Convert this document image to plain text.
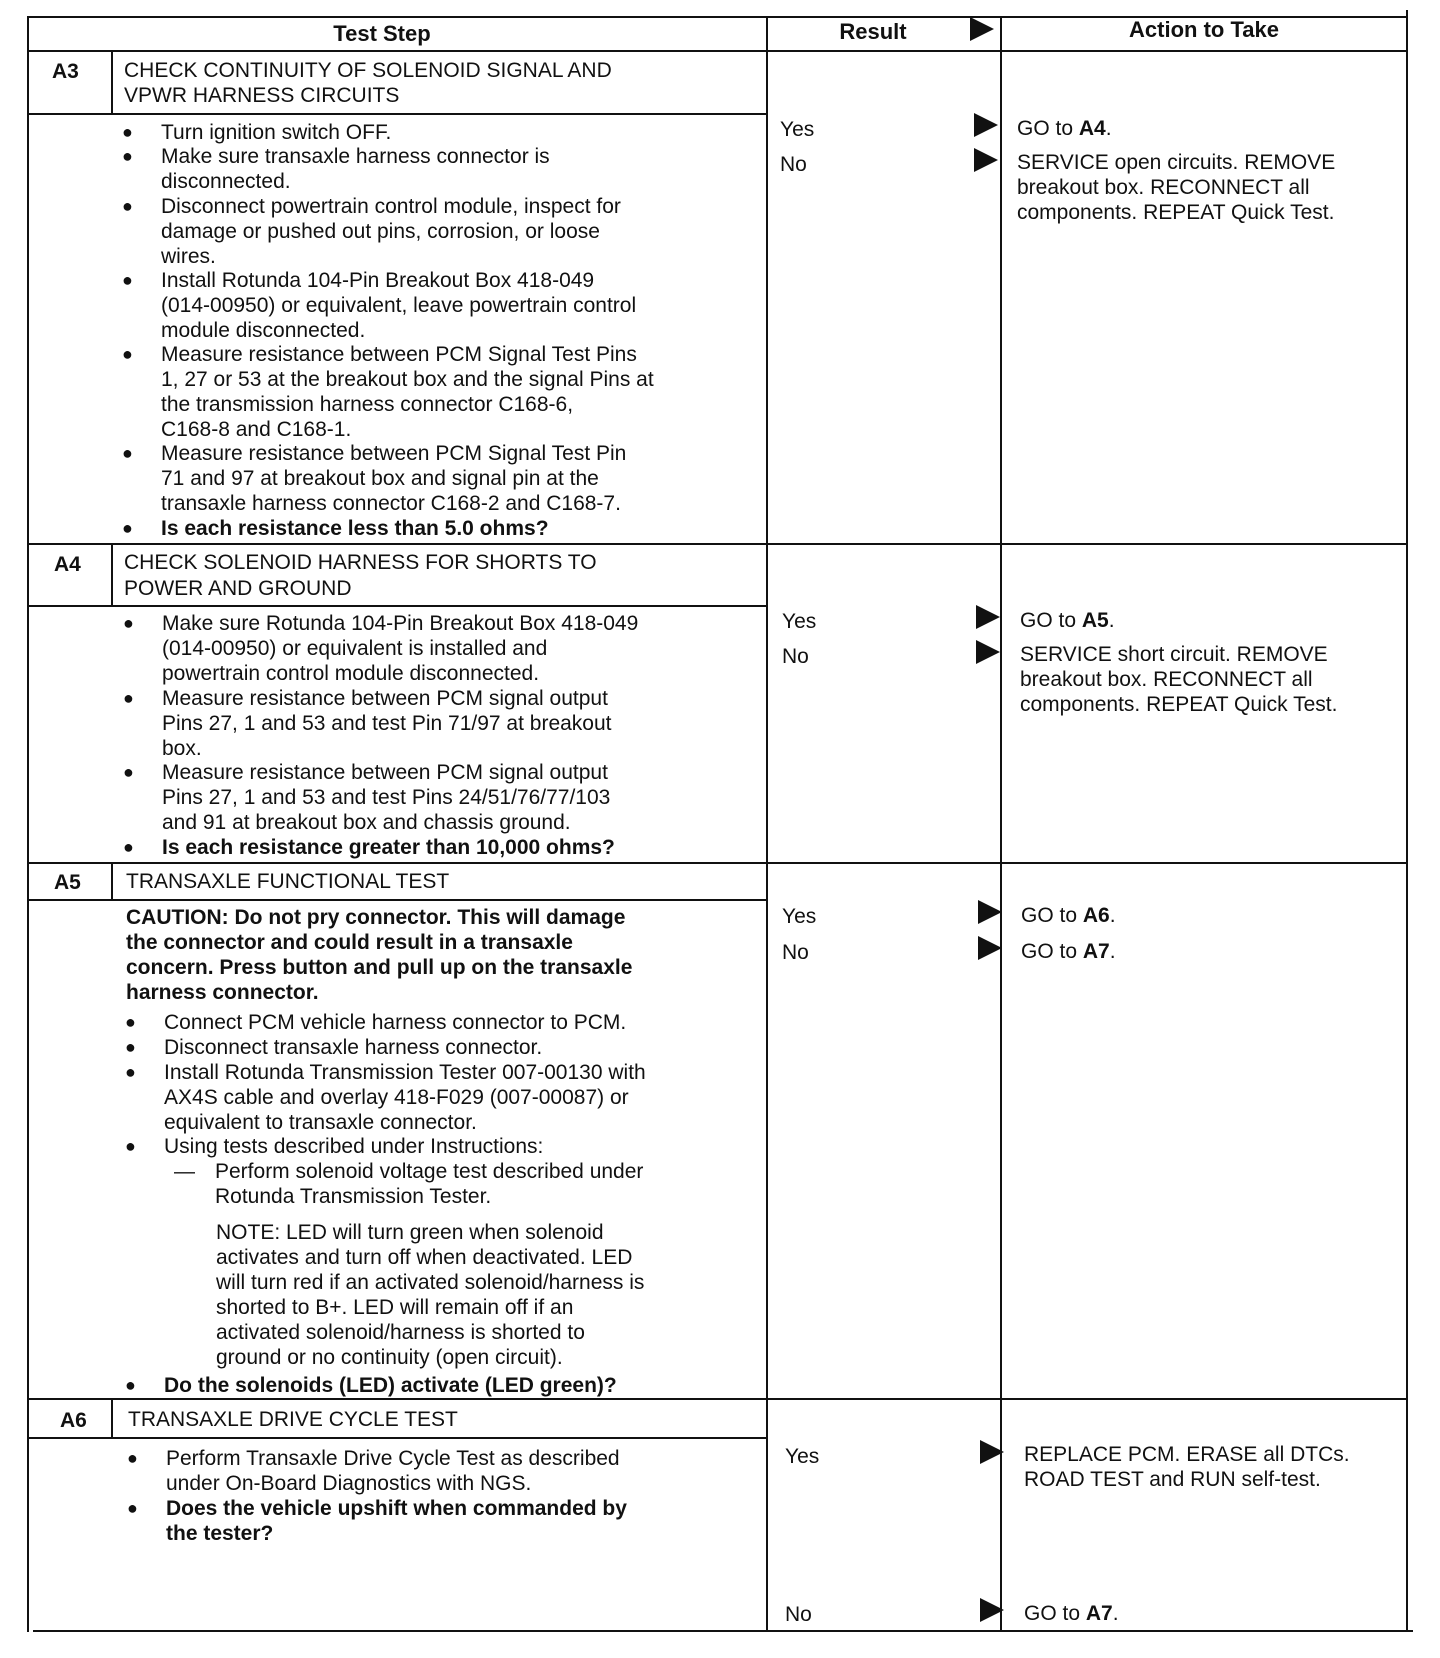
Test Step	Result	Action to Take
A3 CHECK CONTINUITY OF SOLENOID SIGNAL AND
VPWR HARNESS CIRCUITS
● Turn ignition switch OFF.
● Make sure transaxle harness connector is
disconnected.
● Disconnect powertrain control module, inspect for
damage or pushed out pins, corrosion, or loose
wires.
● Install Rotunda 104-Pin Breakout Box 418-049
(014-00950) or equivalent, leave powertrain control
module disconnected.
● Measure resistance between PCM Signal Test Pins
1, 27 or 53 at the breakout box and the signal Pins at
the transmission harness connector C168-6,
C168-8 and C168-1.
● Measure resistance between PCM Signal Test Pin
71 and 97 at breakout box and signal pin at the
transaxle harness connector C168-2 and C168-7.
● Is each resistance less than 5.0 ohms?
Yes	GO to A4.
No	SERVICE open circuits. REMOVE
breakout box. RECONNECT all
components. REPEAT Quick Test.
A4 CHECK SOLENOID HARNESS FOR SHORTS TO
POWER AND GROUND
● Make sure Rotunda 104-Pin Breakout Box 418-049
(014-00950) or equivalent is installed and
powertrain control module disconnected.
● Measure resistance between PCM signal output
Pins 27, 1 and 53 and test Pin 71/97 at breakout
box.
● Measure resistance between PCM signal output
Pins 27, 1 and 53 and test Pins 24/51/76/77/103
and 91 at breakout box and chassis ground.
● Is each resistance greater than 10,000 ohms?
Yes	GO to A5.
No	SERVICE short circuit. REMOVE
breakout box. RECONNECT all
components. REPEAT Quick Test.
A5 TRANSAXLE FUNCTIONAL TEST
CAUTION: Do not pry connector. This will damage
the connector and could result in a transaxle
concern. Press button and pull up on the transaxle
harness connector.
● Connect PCM vehicle harness connector to PCM.
● Disconnect transaxle harness connector.
● Install Rotunda Transmission Tester 007-00130 with
AX4S cable and overlay 418-F029 (007-00087) or
equivalent to transaxle connector.
● Using tests described under Instructions:
— Perform solenoid voltage test described under
Rotunda Transmission Tester.
NOTE: LED will turn green when solenoid
activates and turn off when deactivated. LED
will turn red if an activated solenoid/harness is
shorted to B+. LED will remain off if an
activated solenoid/harness is shorted to
ground or no continuity (open circuit).
● Do the solenoids (LED) activate (LED green)?
Yes	GO to A6.
No	GO to A7.
A6 TRANSAXLE DRIVE CYCLE TEST
● Perform Transaxle Drive Cycle Test as described
under On-Board Diagnostics with NGS.
● Does the vehicle upshift when commanded by
the tester?
Yes	REPLACE PCM. ERASE all DTCs.
ROAD TEST and RUN self-test.
No	GO to A7.
